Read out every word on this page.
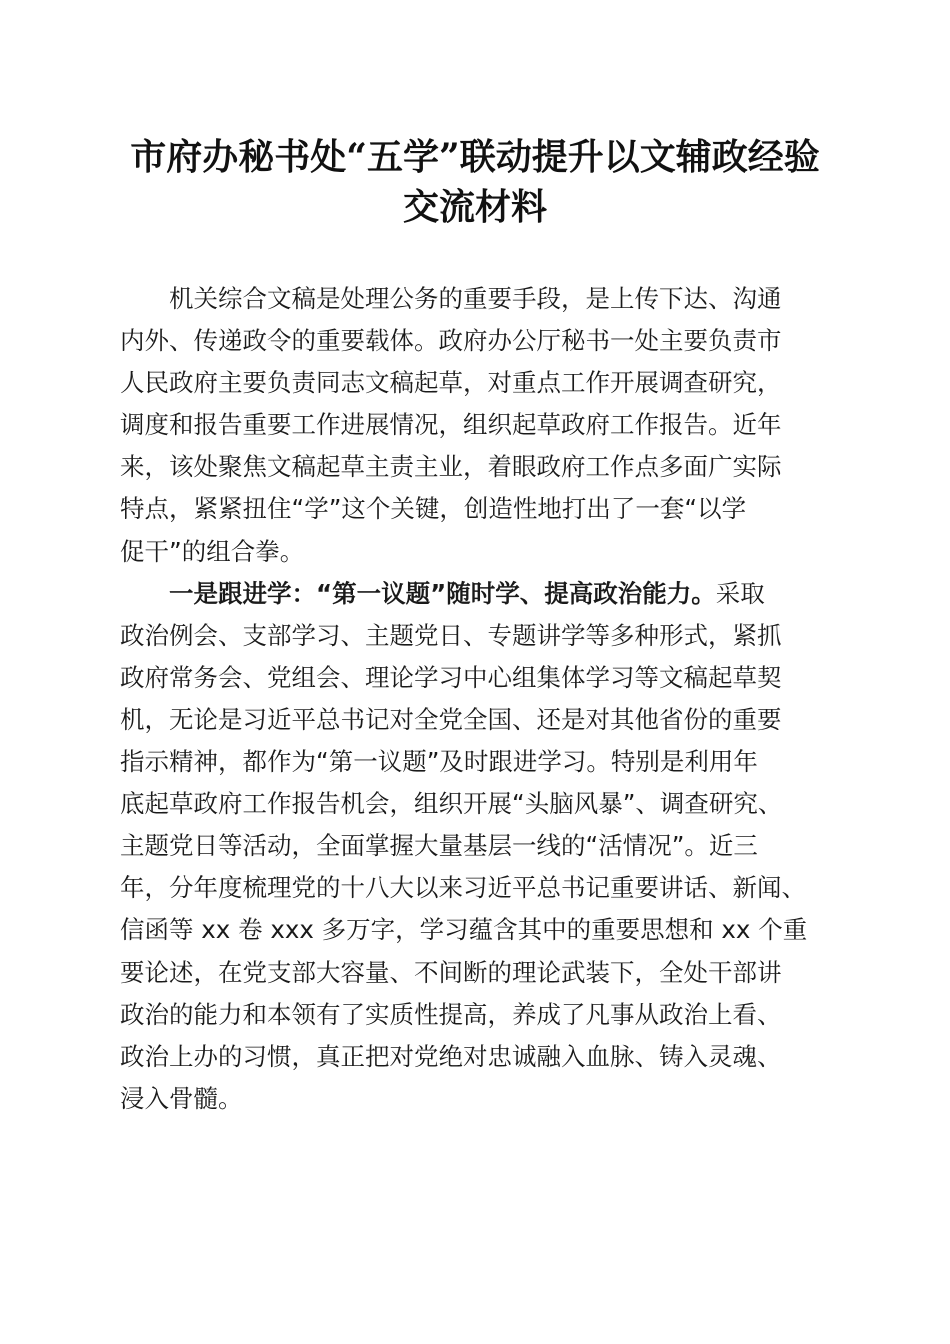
市府办秘书处“五学”联动提升以文辅政经验
交流材料
机关综合文稿是处理公务的重要手段，是上传下达、沟通
内外、传递政令的重要载体。政府办公厅秘书一处主要负责市
人民政府主要负责同志文稿起草，对重点工作开展调查研究，
调度和报告重要工作进展情况，组织起草政府工作报告。近年
来，该处聚焦文稿起草主责主业，着眼政府工作点多面广实际
特点，紧紧扭住“学”这个关键，创造性地打出了一套“以学
促干”的组合拳。
一是跟进学：“第一议题”随时学、提高政治能力。采取
政治例会、支部学习、主题党日、专题讲学等多种形式，紧抓
政府常务会、党组会、理论学习中心组集体学习等文稿起草契
机，无论是习近平总书记对全党全国、还是对其他省份的重要
指示精神，都作为“第一议题”及时跟进学习。特别是利用年
底起草政府工作报告机会，组织开展“头脑风暴”、调查研究、
主题党日等活动，全面掌握大量基层一线的“活情况”。近三
年，分年度梳理党的十八大以来习近平总书记重要讲话、新闻、
信函等 xx 卷 xxx 多万字，学习蕴含其中的重要思想和 xx 个重
要论述，在党支部大容量、不间断的理论武装下，全处干部讲
政治的能力和本领有了实质性提高，养成了凡事从政治上看、
政治上办的习惯，真正把对党绝对忠诚融入血脉、铸入灵魂、
浸入骨髓。
